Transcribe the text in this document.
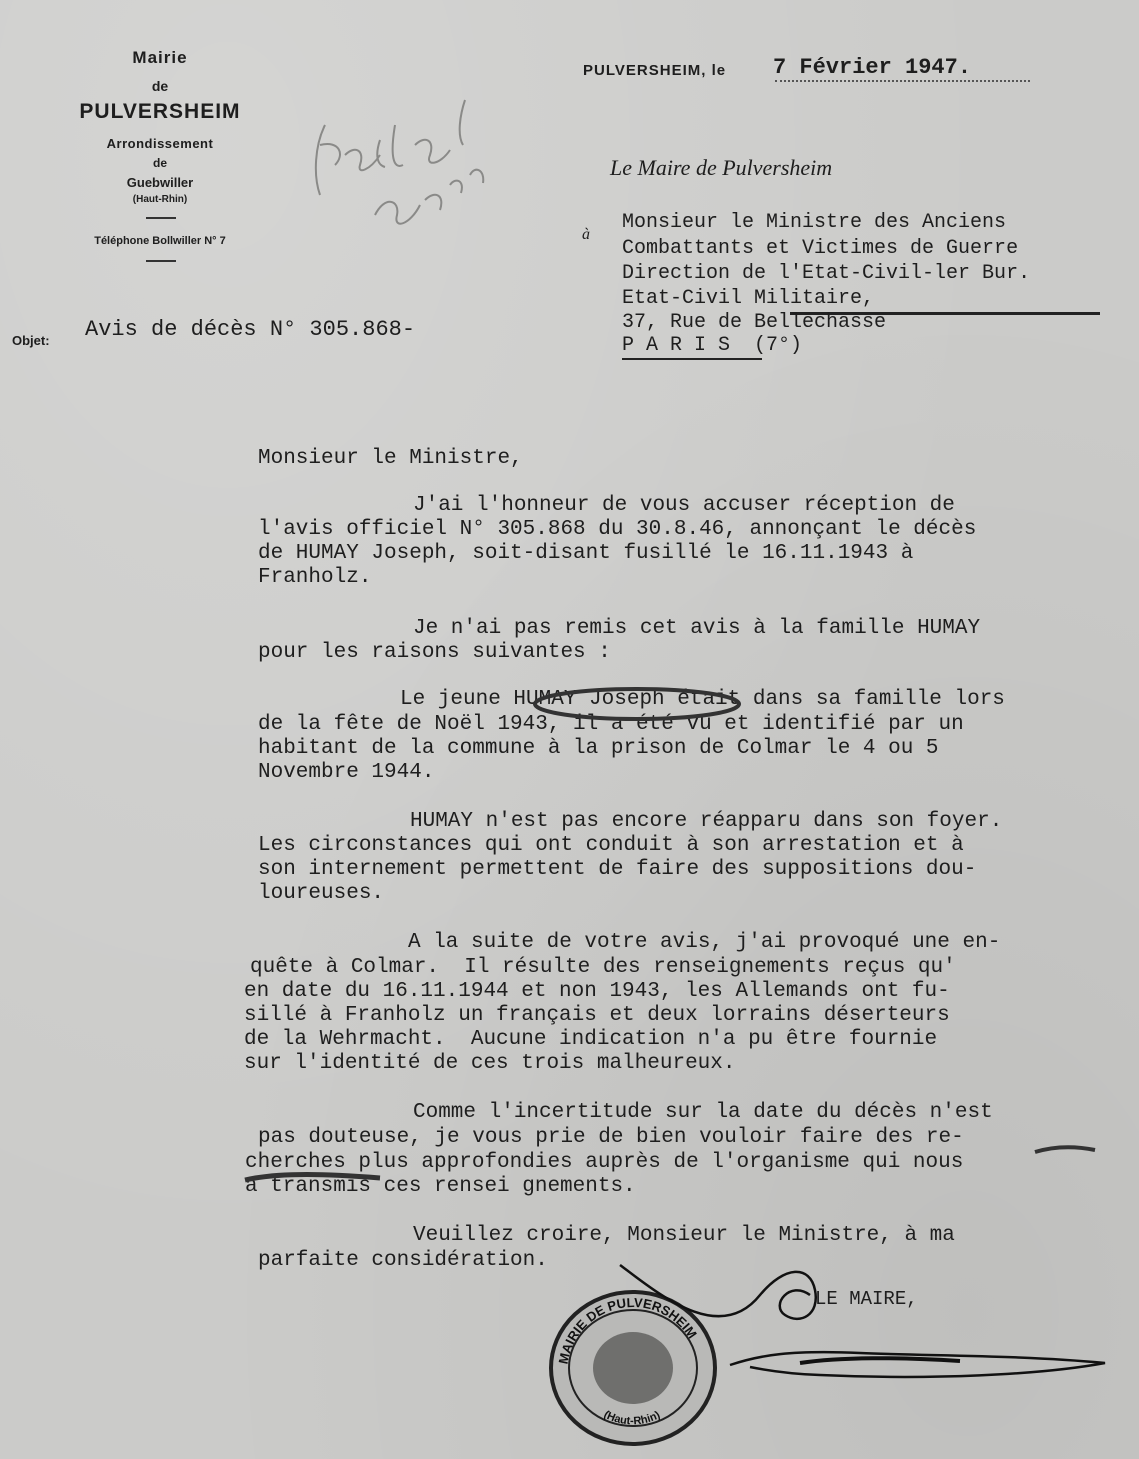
Mairie
de
PULVERSHEIM
Arrondissement
de
Guebwiller
(Haut-Rhin)
Téléphone Bollwiller N° 7
PULVERSHEIM, le 7 Février 1947.
Le Maire de Pulversheim
à
Monsieur le Ministre des Anciens
Combattants et Victimes de Guerre
Direction de l'Etat-Civil-ler Bur.
Etat-Civil Militaire,
37, Rue de Bellechasse
P A R I S  (7°)
Objet: Avis de décès N° 305.868-
Monsieur le Ministre,
J'ai l'honneur de vous accuser réception de
l'avis officiel N° 305.868 du 30.8.46, annonçant le décès
de HUMAY Joseph, soit-disant fusillé le 16.11.1943 à
Franholz.
Je n'ai pas remis cet avis à la famille HUMAY
pour les raisons suivantes :
Le jeune HUMAY Joseph était dans sa famille lors
de la fête de Noël 1943, il a été vu et identifié par un
habitant de la commune à la prison de Colmar le 4 ou 5
Novembre 1944.
HUMAY n'est pas encore réapparu dans son foyer.
Les circonstances qui ont conduit à son arrestation et à
son internement permettent de faire des suppositions dou-
loureuses.
A la suite de votre avis, j'ai provoqué une en-
quête à Colmar.  Il résulte des renseignements reçus qu'
en date du 16.11.1944 et non 1943, les Allemands ont fu-
sillé à Franholz un français et deux lorrains déserteurs
de la Wehrmacht.  Aucune indication n'a pu être fournie
sur l'identité de ces trois malheureux.
Comme l'incertitude sur la date du décès n'est
pas douteuse, je vous prie de bien vouloir faire des re-
cherches plus approfondies auprès de l'organisme qui nous
a transmis ces rensei gnements.
Veuillez croire, Monsieur le Ministre, à ma
parfaite considération.
LE MAIRE,
MAIRIE DE PULVERSHEIM
(Haut-Rhin)
